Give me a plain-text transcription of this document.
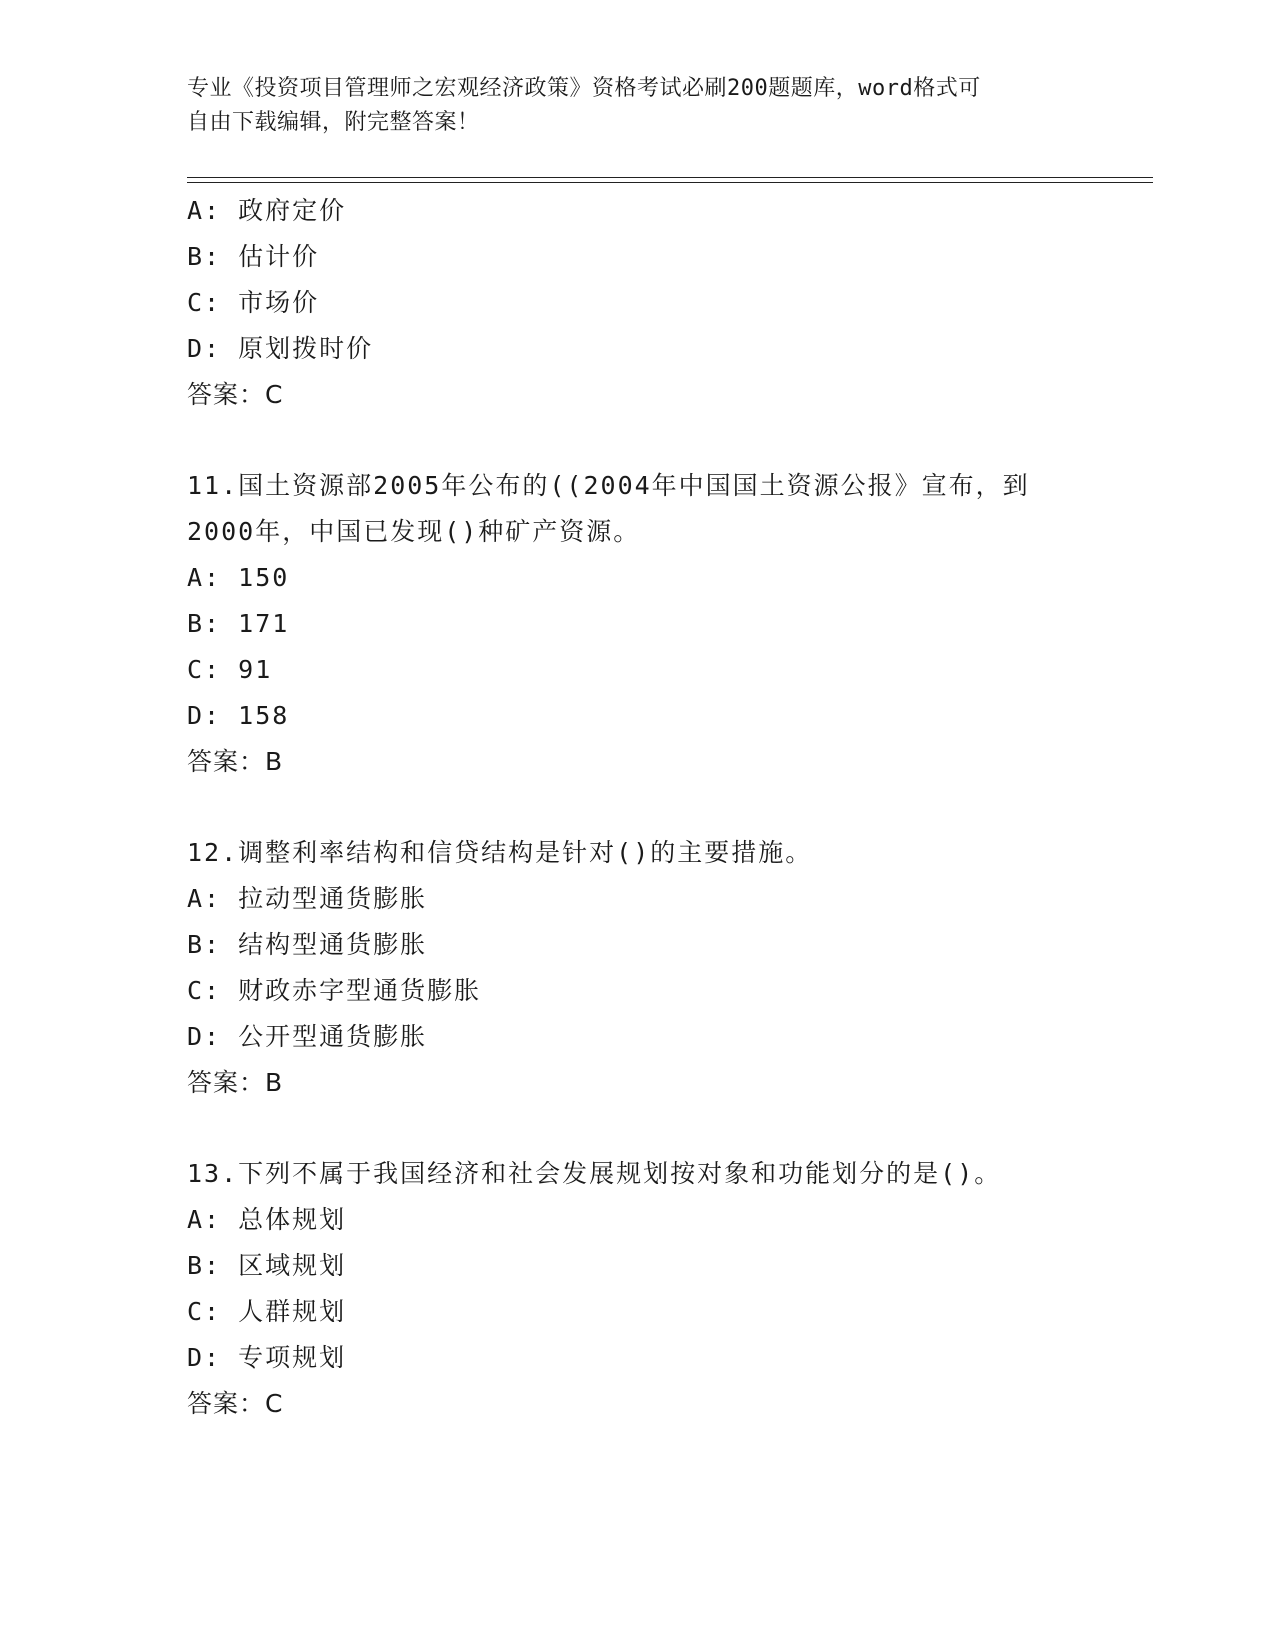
专业《投资项目管理师之宏观经济政策》资格考试必刷200题题库，word格式可
自由下载编辑，附完整答案！
A: 政府定价
B: 估计价
C: 市场价
D: 原划拨时价
答案：C
11.国土资源部2005年公布的((2004年中国国土资源公报》宣布，到
2000年，中国已发现()种矿产资源。
A: 150
B: 171
C: 91
D: 158
答案：B
12.调整利率结构和信贷结构是针对()的主要措施。
A: 拉动型通货膨胀
B: 结构型通货膨胀
C: 财政赤字型通货膨胀
D: 公开型通货膨胀
答案：B
13.下列不属于我国经济和社会发展规划按对象和功能划分的是()。
A: 总体规划
B: 区域规划
C: 人群规划
D: 专项规划
答案：C
